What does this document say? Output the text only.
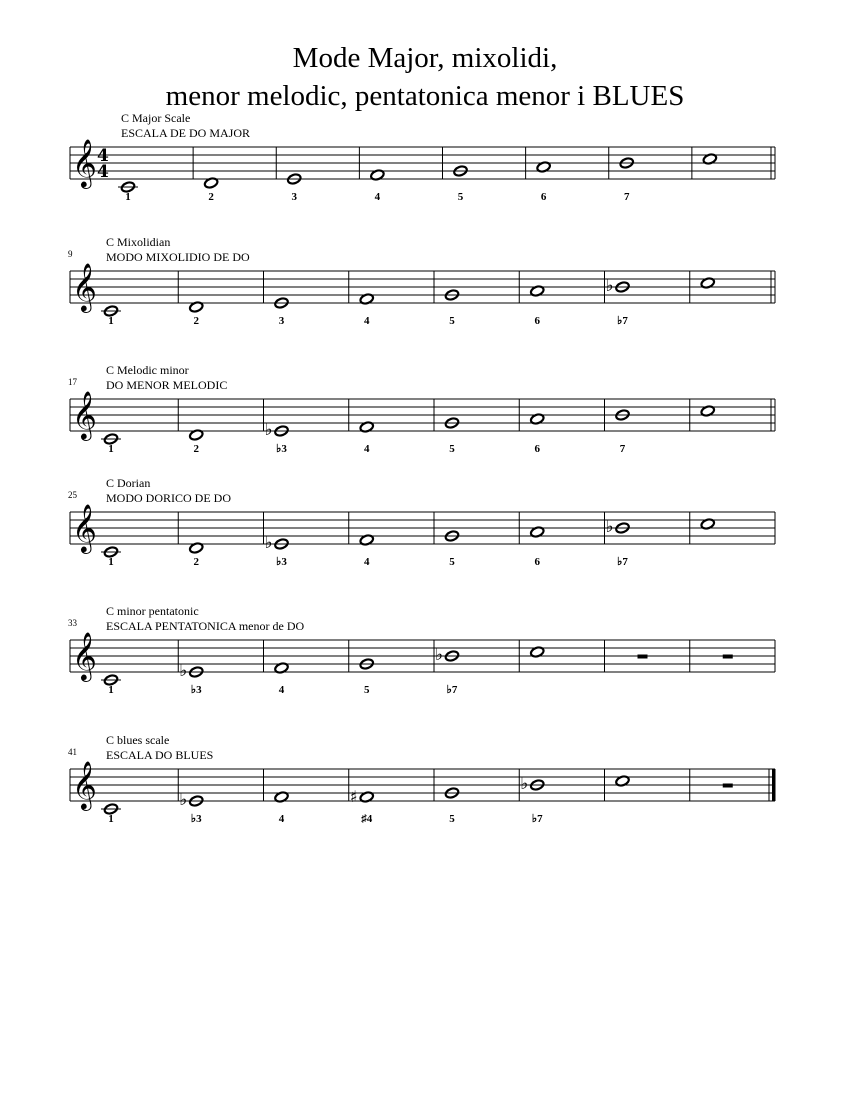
Mode Major, mixolidi,
menor melodic, pentatonica menor i BLUES
𝄞 4
4
C Major Scale
ESCALA DE DO MAJOR
1	2	3	4	5	6	7
𝄞
9
C Mixolidian
MODO MIXOLIDIO DE DO
1	2	3	4	5	6
♭
♭7
𝄞
17
C Melodic minor
DO MENOR MELODIC
1	2
♭
♭3	4	5	6	7
𝄞
25
C Dorian
MODO DORICO DE DO
1	2
♭
♭3	4	5	6
♭
♭7
𝄞
33
C minor pentatonic
ESCALA PENTATONICA menor de DO
1
♭
♭3	4	5
♭
♭7
𝄞
41
C blues scale
ESCALA DO BLUES
1
♭
♭3	4
♯
♯4	5
♭
♭7
